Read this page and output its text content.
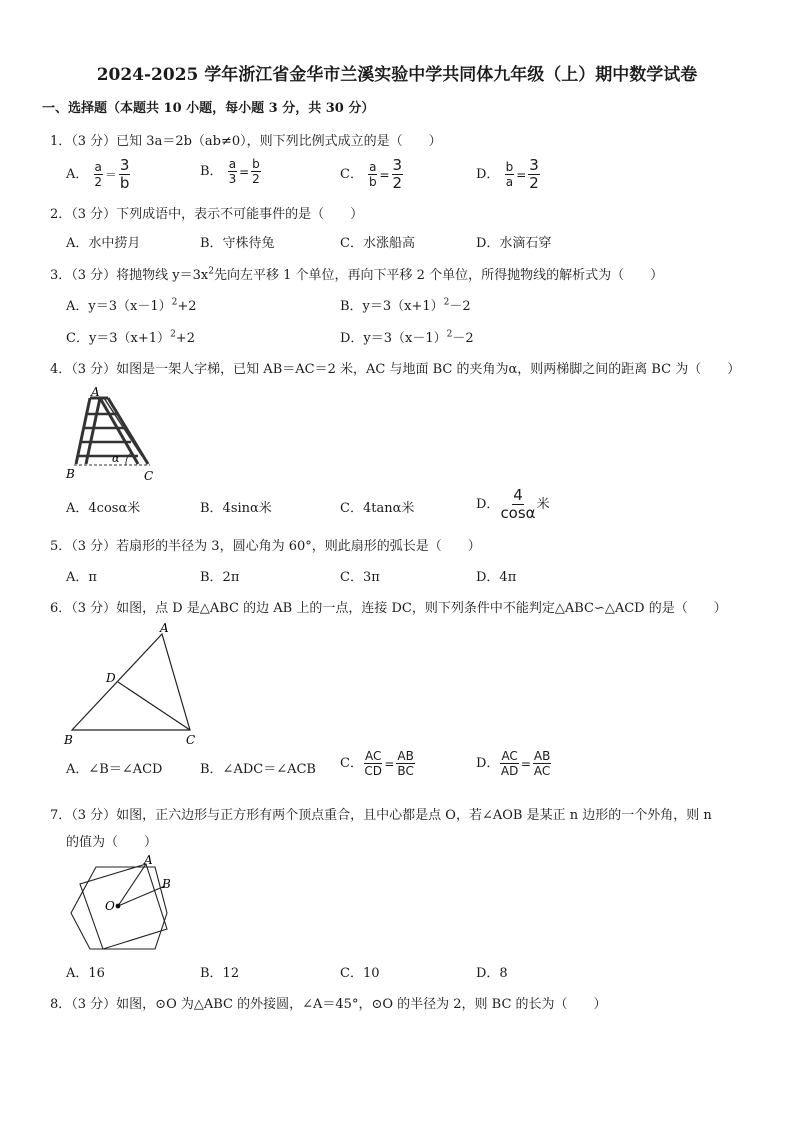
2024-2025 学年浙江省金华市兰溪实验中学共同体九年级（上）期中数学试卷
一、选择题（本题共 10 小题，每小题 3 分，共 30 分）
1．（3 分）已知 3a＝2b（ab≠0），则下列比例式成立的是（　　）
A． $\frac{a}{2} = \frac{3}{b}$	B． $\frac{a}{3} = \frac{b}{2}$	C． $\frac{a}{b} = \frac{3}{2}$	D． $\frac{b}{a} = \frac{3}{2}$
2．（3 分）下列成语中，表示不可能事件的是（　　）
A．水中捞月	B．守株待兔	C．水涨船高	D．水滴石穿
3．（3 分）将抛物线 $y=3x^2$先向左平移 1 个单位，再向下平移 2 个单位，所得抛物线的解析式为（　　）
A．$y=3(x-1)^2+2$	B．$y=3(x+1)^2-2$
C．$y=3(x+1)^2+2$	D．$y=3(x-1)^2-2$
4．（3 分）如图是一架人字梯，已知 AB＝AC＝2 米，AC 与地面 BC 的夹角为α，则两梯脚之间的距离 BC 为（　　）
A
B	C
α
A．4cosα米	B．4sinα米	C．4tanα米	D． $\frac{4}{\cos\alpha}$ 米
5．（3 分）若扇形的半径为 3，圆心角为 60°，则此扇形的弧长是（　　）
A．π	B．2π	C．3π	D．4π
6．（3 分）如图，点 D 是△ABC 的边 AB 上的一点，连接 DC，则下列条件中不能判定△ABC∽△ACD 的是（　　）
A
D
B	C
A．∠B＝∠ACD	B．∠ADC＝∠ACB C． $\frac{AC}{CD} = \frac{AB}{BC}$	D． $\frac{AC}{AD} = \frac{AB}{AC}$
7．（3 分）如图，正六边形与正方形有两个顶点重合，且中心都是点 O，若∠AOB 是某正 n 边形的一个外角，则 n
的值为（　　）
A
B
O
A．16	B．12	C．10	D．8
8．（3 分）如图，⊙O 为△ABC 的外接圆，∠A＝45°，⊙O 的半径为 2，则 BC 的长为（　　）
